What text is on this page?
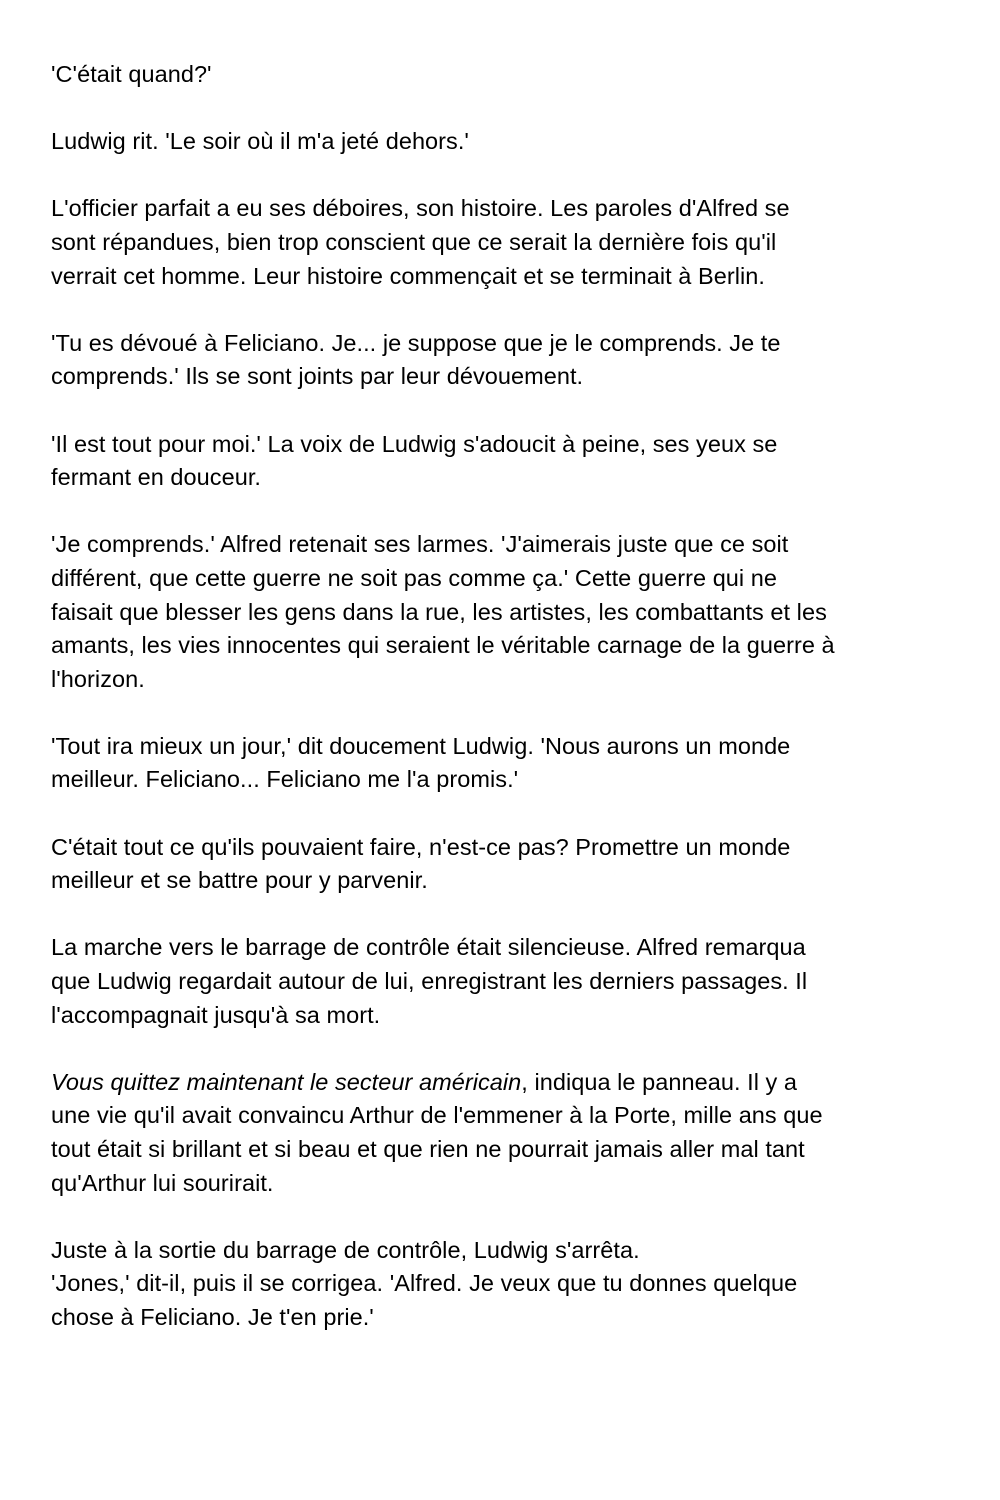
'C'était quand?'
Ludwig rit. 'Le soir où il m'a jeté dehors.'
L'officier parfait a eu ses déboires, son histoire. Les paroles d'Alfred se
sont répandues, bien trop conscient que ce serait la dernière fois qu'il
verrait cet homme. Leur histoire commençait et se terminait à Berlin.
'Tu es dévoué à Feliciano. Je... je suppose que je le comprends. Je te
comprends.' Ils se sont joints par leur dévouement.
'Il est tout pour moi.' La voix de Ludwig s'adoucit à peine, ses yeux se
fermant en douceur.
'Je comprends.' Alfred retenait ses larmes. 'J'aimerais juste que ce soit
différent, que cette guerre ne soit pas comme ça.' Cette guerre qui ne
faisait que blesser les gens dans la rue, les artistes, les combattants et les
amants, les vies innocentes qui seraient le véritable carnage de la guerre à
l'horizon.
'Tout ira mieux un jour,' dit doucement Ludwig. 'Nous aurons un monde
meilleur. Feliciano... Feliciano me l'a promis.'
C'était tout ce qu'ils pouvaient faire, n'est-ce pas? Promettre un monde
meilleur et se battre pour y parvenir.
La marche vers le barrage de contrôle était silencieuse. Alfred remarqua
que Ludwig regardait autour de lui, enregistrant les derniers passages. Il
l'accompagnait jusqu'à sa mort.
Vous quittez maintenant le secteur américain, indiqua le panneau. Il y a
une vie qu'il avait convaincu Arthur de l'emmener à la Porte, mille ans que
tout était si brillant et si beau et que rien ne pourrait jamais aller mal tant
qu'Arthur lui sourirait.
Juste à la sortie du barrage de contrôle, Ludwig s'arrêta.
'Jones,' dit-il, puis il se corrigea. 'Alfred. Je veux que tu donnes quelque
chose à Feliciano. Je t'en prie.'
